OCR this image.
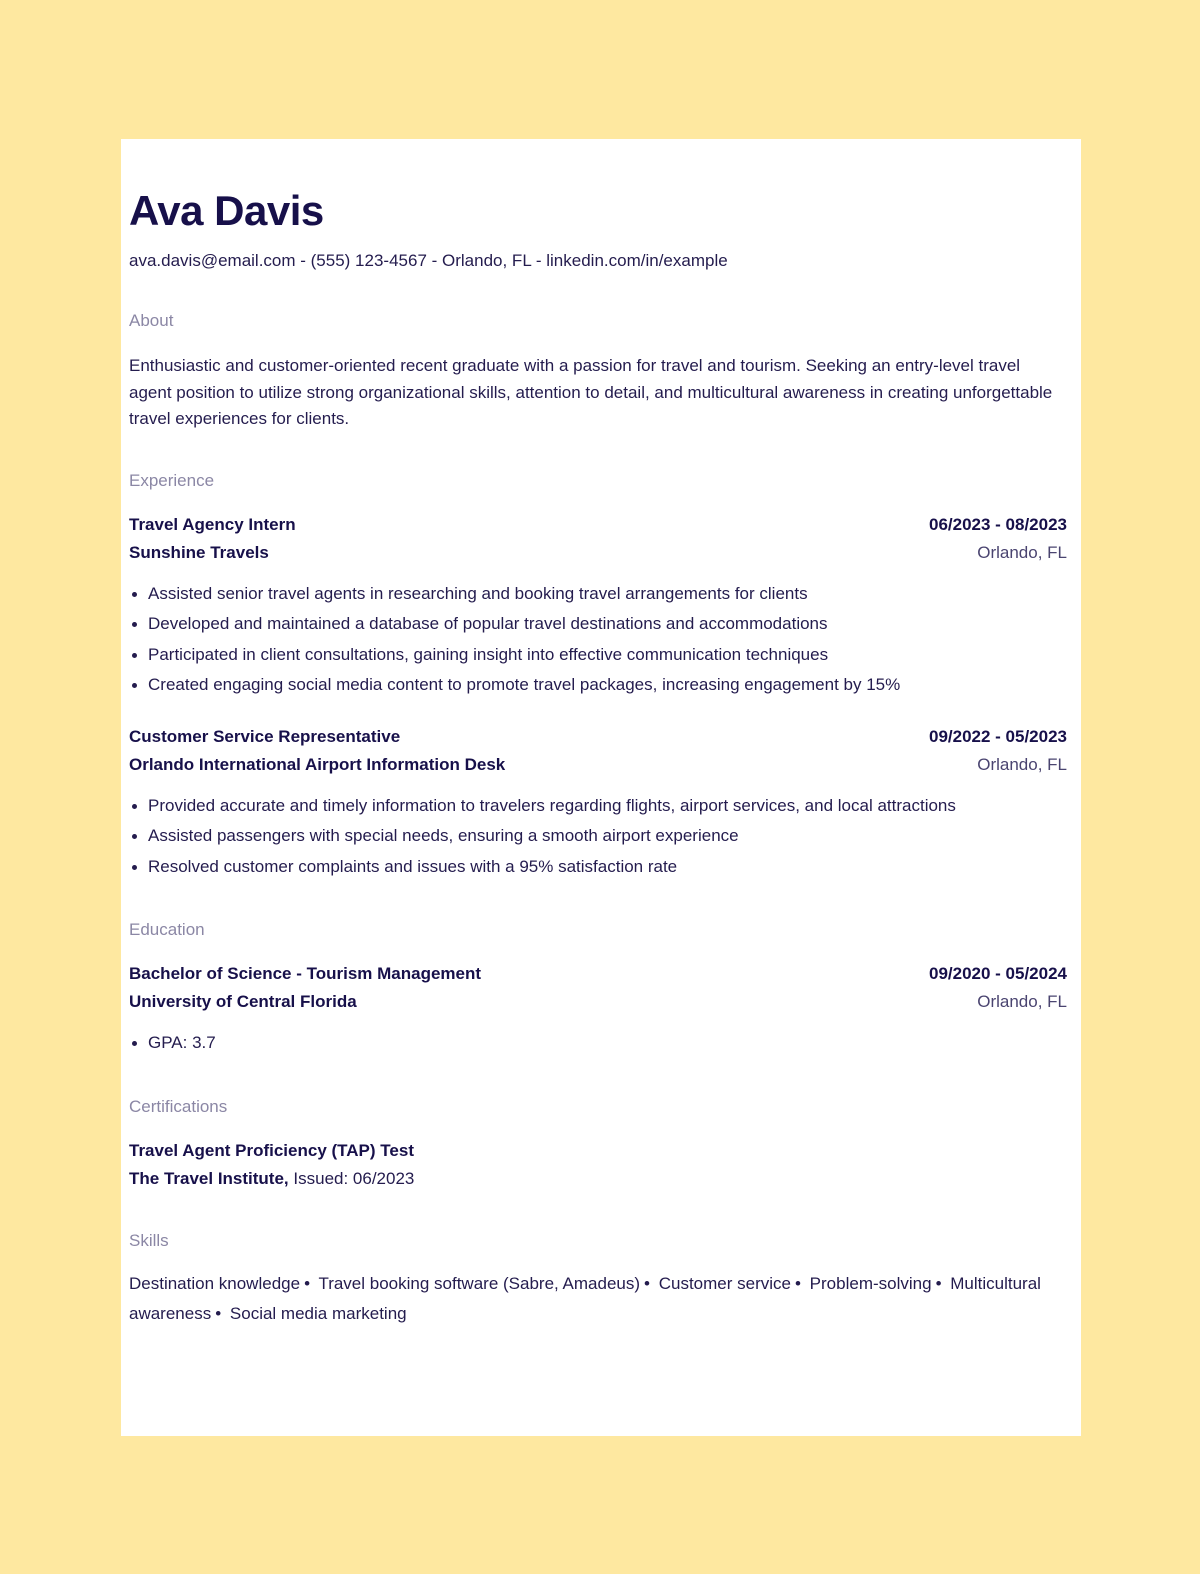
Ava Davis
ava.davis@email.com - (555) 123-4567 - Orlando, FL - linkedin.com/in/example
About
Enthusiastic and customer-oriented recent graduate with a passion for travel and tourism. Seeking an entry-level travel agent position to utilize strong organizational skills, attention to detail, and multicultural awareness in creating unforgettable travel experiences for clients.
Experience
Travel Agency Intern	06/2023 - 08/2023
Sunshine Travels	Orlando, FL
Assisted senior travel agents in researching and booking travel arrangements for clients
Developed and maintained a database of popular travel destinations and accommodations
Participated in client consultations, gaining insight into effective communication techniques
Created engaging social media content to promote travel packages, increasing engagement by 15%
Customer Service Representative	09/2022 - 05/2023
Orlando International Airport Information Desk	Orlando, FL
Provided accurate and timely information to travelers regarding flights, airport services, and local attractions
Assisted passengers with special needs, ensuring a smooth airport experience
Resolved customer complaints and issues with a 95% satisfaction rate
Education
Bachelor of Science - Tourism Management	09/2020 - 05/2024
University of Central Florida	Orlando, FL
GPA: 3.7
Certifications
Travel Agent Proficiency (TAP) Test
The Travel Institute, Issued: 06/2023
Skills
Destination knowledge • Travel booking software (Sabre, Amadeus) • Customer service • Problem-solving • Multicultural awareness • Social media marketing
